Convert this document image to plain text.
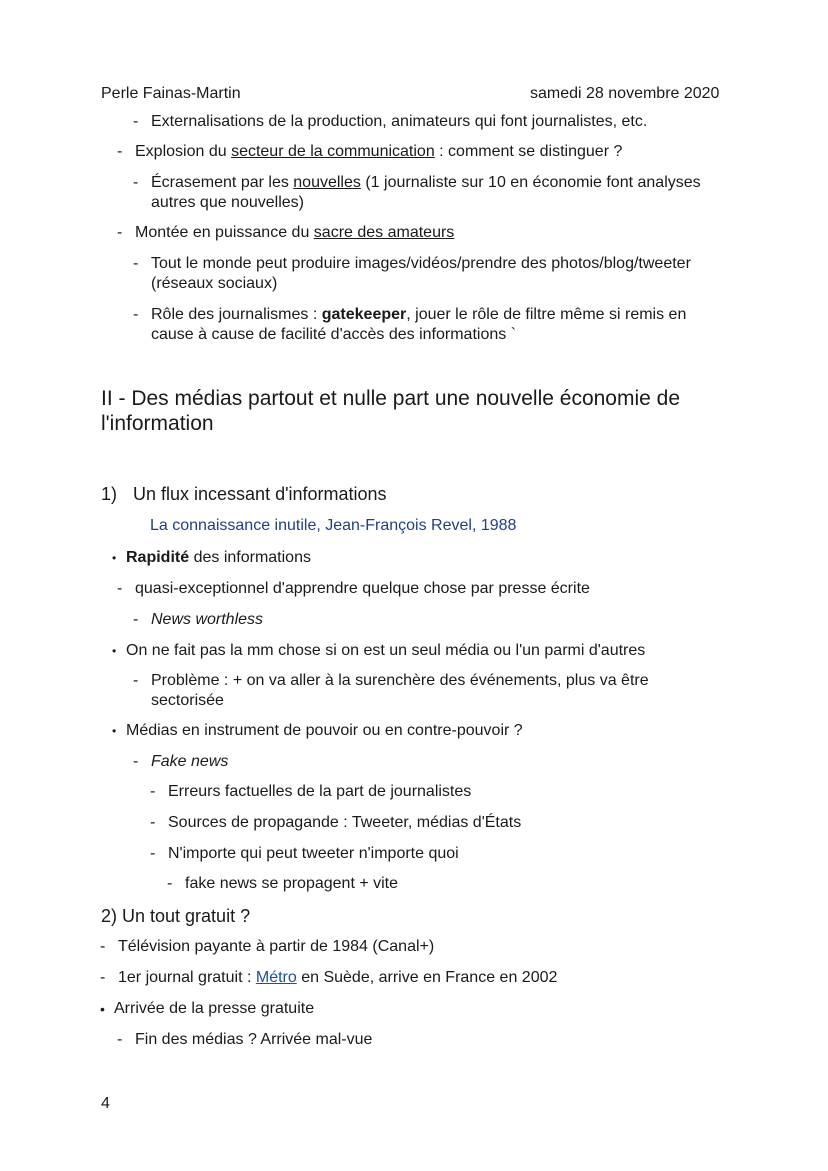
Perle Fainas-Martin	samedi 28 novembre 2020
- Externalisations de la production, animateurs qui font journalistes, etc.
- Explosion du secteur de la communication : comment se distinguer ?
- Écrasement par les nouvelles (1 journaliste sur 10 en économie font analyses
autres que nouvelles)
- Montée en puissance du sacre des amateurs
- Tout le monde peut produire images/vidéos/prendre des photos/blog/tweeter
(réseaux sociaux)
- Rôle des journalismes : gatekeeper, jouer le rôle de filtre même si remis en
cause à cause de facilité d'accès des informations `
II - Des médias partout et nulle part une nouvelle économie de
l'information
1) Un flux incessant d'informations
La connaissance inutile, Jean-François Revel, 1988
• Rapidité des informations
- quasi-exceptionnel d'apprendre quelque chose par presse écrite
- News worthless
• On ne fait pas la mm chose si on est un seul média ou l'un parmi d'autres
- Problème : + on va aller à la surenchère des événements, plus va être
sectorisée
• Médias en instrument de pouvoir ou en contre-pouvoir ?
- Fake news
- Erreurs factuelles de la part de journalistes
- Sources de propagande : Tweeter, médias d'États
- N'importe qui peut tweeter n'importe quoi
- fake news se propagent + vite
2) Un tout gratuit ?
- Télévision payante à partir de 1984 (Canal+)
- 1er journal gratuit : Métro en Suède, arrive en France en 2002
• Arrivée de la presse gratuite
- Fin des médias ? Arrivée mal-vue
4
